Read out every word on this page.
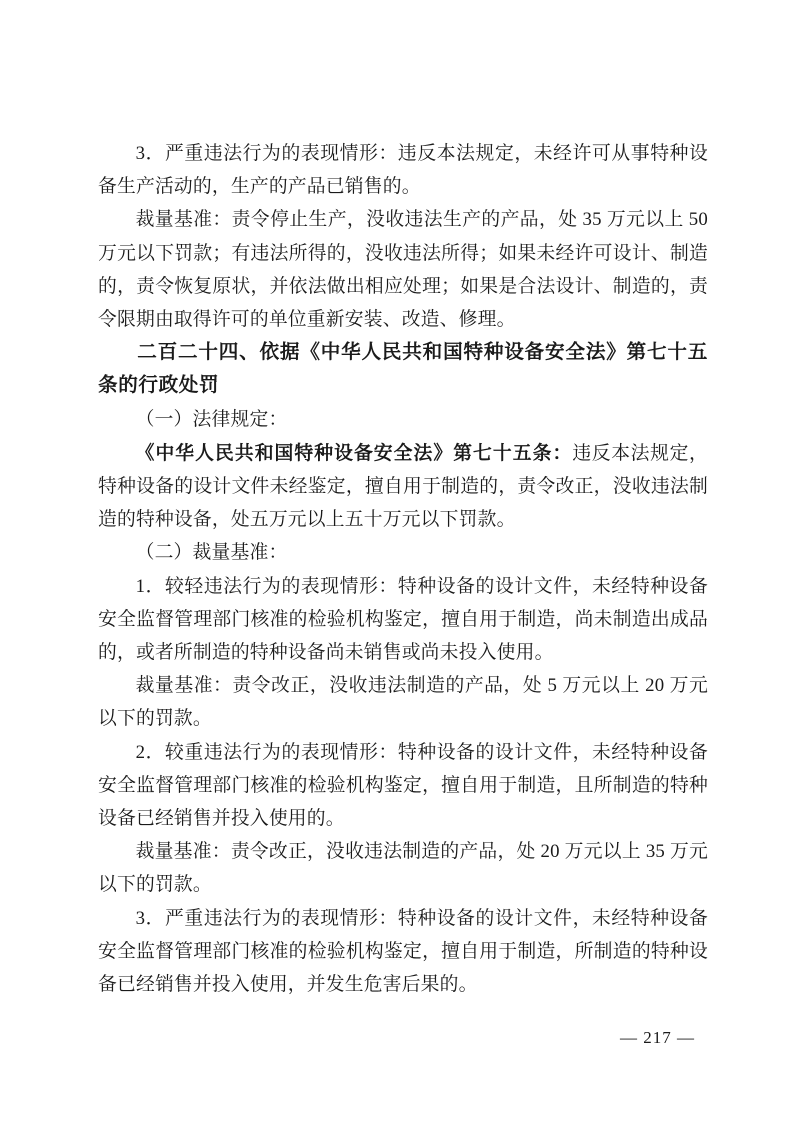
3．严重违法行为的表现情形：违反本法规定，未经许可从事特种设备生产活动的，生产的产品已销售的。

裁量基准：责令停止生产，没收违法生产的产品，处 35 万元以上 50 万元以下罚款；有违法所得的，没收违法所得；如果未经许可设计、制造的，责令恢复原状，并依法做出相应处理；如果是合法设计、制造的，责令限期由取得许可的单位重新安装、改造、修理。

二百二十四、依据《中华人民共和国特种设备安全法》第七十五条的行政处罚

（一）法律规定：

《中华人民共和国特种设备安全法》第七十五条：违反本法规定，特种设备的设计文件未经鉴定，擅自用于制造的，责令改正，没收违法制造的特种设备，处五万元以上五十万元以下罚款。

（二）裁量基准：

1．较轻违法行为的表现情形：特种设备的设计文件，未经特种设备安全监督管理部门核准的检验机构鉴定，擅自用于制造，尚未制造出成品的，或者所制造的特种设备尚未销售或尚未投入使用。

裁量基准：责令改正，没收违法制造的产品，处 5 万元以上 20 万元以下的罚款。

2．较重违法行为的表现情形：特种设备的设计文件，未经特种设备安全监督管理部门核准的检验机构鉴定，擅自用于制造，且所制造的特种设备已经销售并投入使用的。

裁量基准：责令改正，没收违法制造的产品，处 20 万元以上 35 万元以下的罚款。

3．严重违法行为的表现情形：特种设备的设计文件，未经特种设备安全监督管理部门核准的检验机构鉴定，擅自用于制造，所制造的特种设备已经销售并投入使用，并发生危害后果的。

— 217 —
